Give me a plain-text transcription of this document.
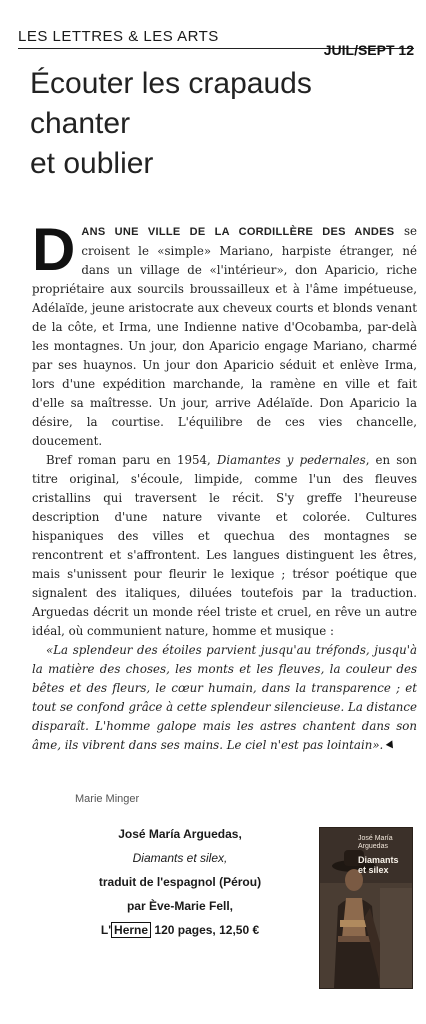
LES LETTRES & LES ARTS
JUIL/SEPT 12
Écouter les crapauds
chanter
et oublier

DANS UNE VILLE DE LA CORDILLÈRE DES ANDES se croisent le «simple» Mariano, harpiste étranger, né dans un village de «l'intérieur», don Aparicio, riche propriétaire aux sourcils broussailleux et à l'âme impétueuse, Adélaïde, jeune aristocrate aux cheveux courts et blonds venant de la côte, et Irma, une Indienne native d'Ocobamba, par-delà les montagnes. Un jour, don Aparicio engage Mariano, charmé par ses huaynos. Un jour don Aparicio séduit et enlève Irma, lors d'une expédition marchande, la ramène en ville et fait d'elle sa maîtresse. Un jour, arrive Adélaïde. Don Aparicio la désire, la courtise. L'équilibre de ces vies chancelle, doucement.

Bref roman paru en 1954, Diamantes y pedernales, en son titre original, s'écoule, limpide, comme l'un des fleuves cristallins qui traversent le récit. S'y greffe l'heureuse description d'une nature vivante et colorée. Cultures hispaniques des villes et quechua des montagnes se rencontrent et s'affrontent. Les langues distinguent les êtres, mais s'unissent pour fleurir le lexique ; trésor poétique que signalent des italiques, diluées toutefois par la traduction. Arguedas décrit un monde réel triste et cruel, en rêve un autre idéal, où communient nature, homme et musique :

«La splendeur des étoiles parvient jusqu'au tréfonds, jusqu'à la matière des choses, les monts et les fleuves, la couleur des bêtes et des fleurs, le cœur humain, dans la transparence ; et tout se confond grâce à cette splendeur silencieuse. La distance disparaît. L'homme galope mais les astres chantent dans son âme, ils vibrent dans ses mains. Le ciel n'est pas lointain».

Marie Minger
José María Arguedas,
Diamants et silex,
traduit de l'espagnol (Pérou)
par Ève-Marie Fell,
L' Herne 120 pages, 12,50 €
José María Arguedas
Diamants
et silex
